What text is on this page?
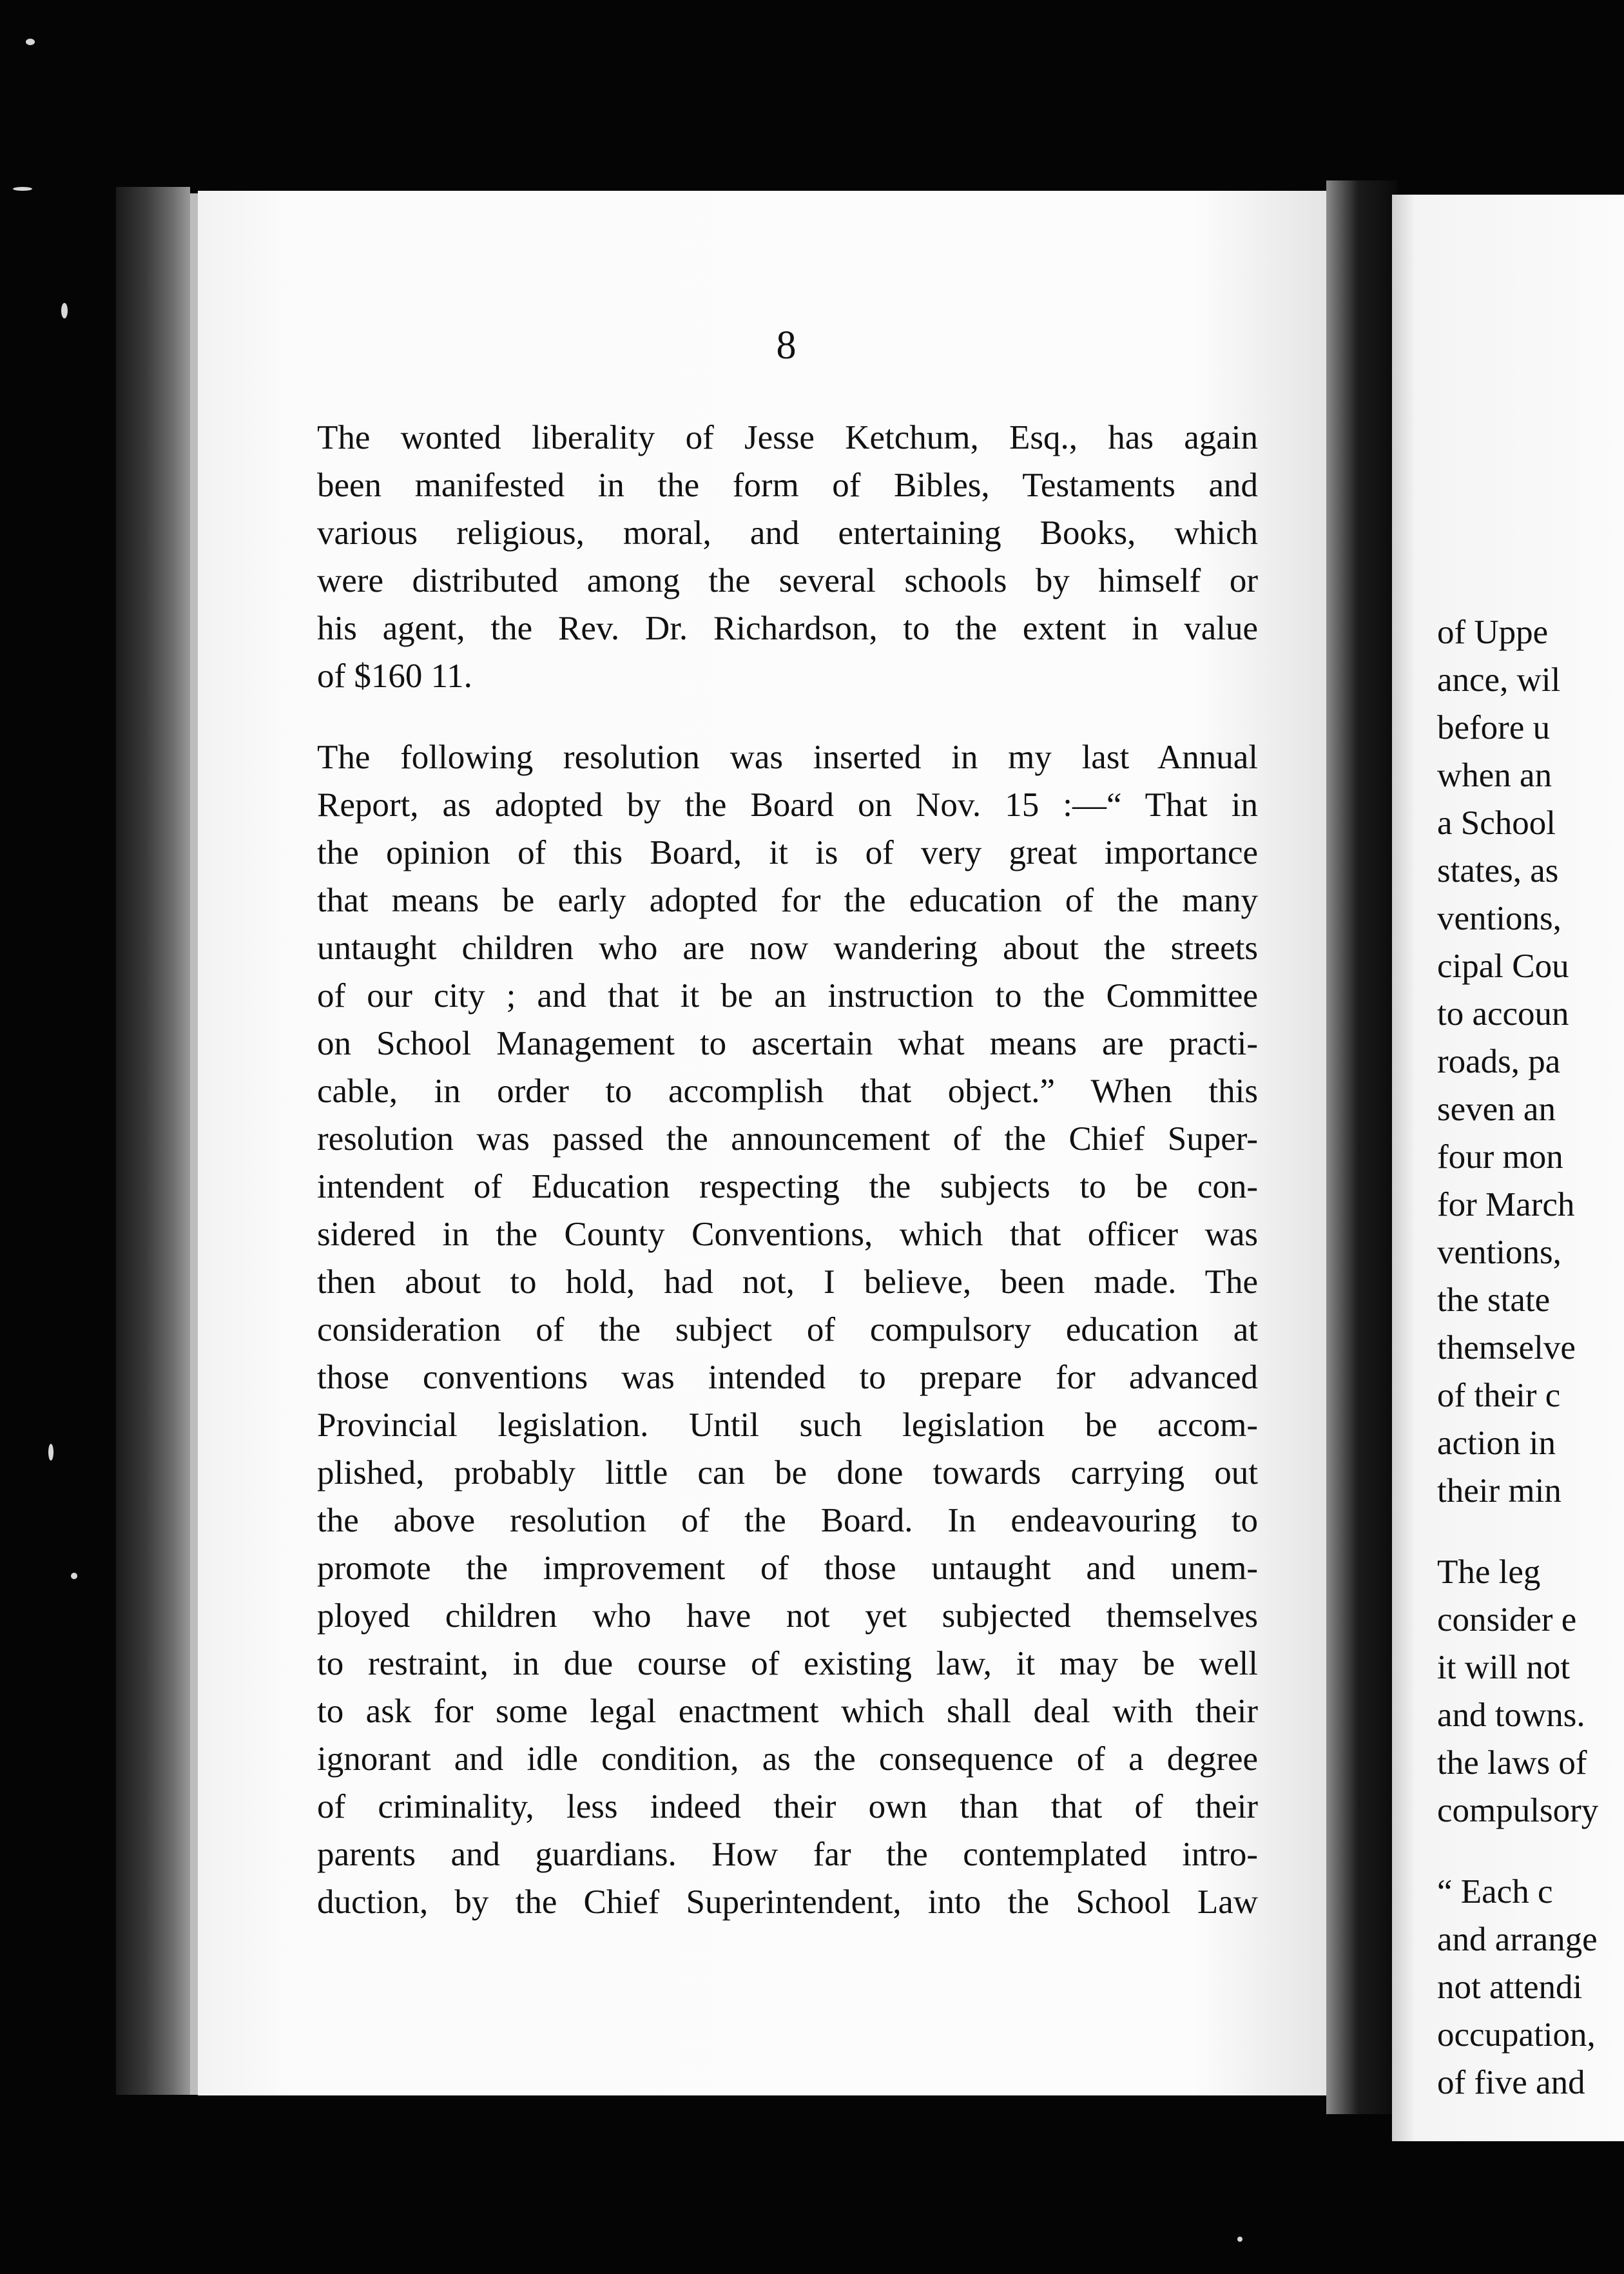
of Uppe
ance, wil
before u
when an
a School
states, as
ventions,
cipal Cou
to accoun
roads, pa
seven an
four mon
for March
ventions,
the state
themselve
of their c
action in
their min
The leg
consider e
it will not
and towns.
the laws of
compulsory
“ Each c
and arrange
not attendi
occupation,
of five and
8
The wonted liberality of Jesse Ketchum, Esq., has again
been manifested in the form of Bibles, Testaments and
various religious, moral, and entertaining Books, which
were distributed among the several schools by himself or
his agent, the Rev. Dr. Richardson, to the extent in value
of $160 11.
The following resolution was inserted in my last Annual
Report, as adopted by the Board on Nov. 15 :—“ That in
the opinion of this Board, it is of very great importance
that means be early adopted for the education of the many
untaught children who are now wandering about the streets
of our city ; and that it be an instruction to the Committee
on School Management to ascertain what means are practi-
cable, in order to accomplish that object.” When this
resolution was passed the announcement of the Chief Super-
intendent of Education respecting the subjects to be con-
sidered in the County Conventions, which that officer was
then about to hold, had not, I believe, been made. The
consideration of the subject of compulsory education at
those conventions was intended to prepare for advanced
Provincial legislation. Until such legislation be accom-
plished, probably little can be done towards carrying out
the above resolution of the Board. In endeavouring to
promote the improvement of those untaught and unem-
ployed children who have not yet subjected themselves
to restraint, in due course of existing law, it may be well
to ask for some legal enactment which shall deal with their
ignorant and idle condition, as the consequence of a degree
of criminality, less indeed their own than that of their
parents and guardians. How far the contemplated intro-
duction, by the Chief Superintendent, into the School Law
